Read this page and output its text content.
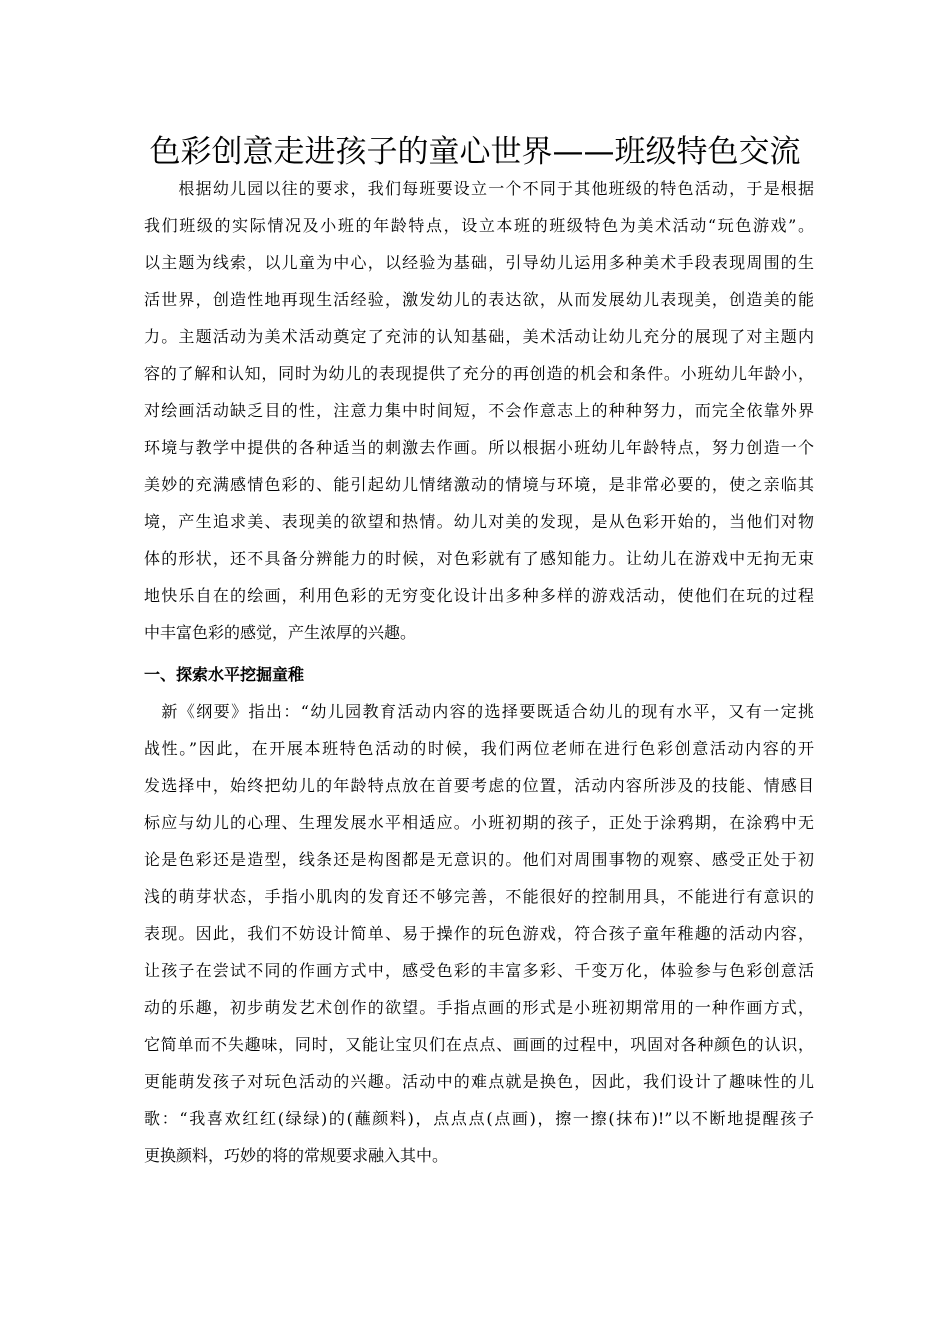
色彩创意走进孩子的童心世界——班级特色交流
　　根据幼儿园以往的要求，我们每班要设立一个不同于其他班级的特色活动，于是根据
我们班级的实际情况及小班的年龄特点，设立本班的班级特色为美术活动“玩色游戏”。
以主题为线索，以儿童为中心，以经验为基础，引导幼儿运用多种美术手段表现周围的生
活世界，创造性地再现生活经验，激发幼儿的表达欲，从而发展幼儿表现美，创造美的能
力。主题活动为美术活动奠定了充沛的认知基础，美术活动让幼儿充分的展现了对主题内
容的了解和认知，同时为幼儿的表现提供了充分的再创造的机会和条件。小班幼儿年龄小，
对绘画活动缺乏目的性，注意力集中时间短，不会作意志上的种种努力，而完全依靠外界
环境与教学中提供的各种适当的刺激去作画。所以根据小班幼儿年龄特点，努力创造一个
美妙的充满感情色彩的、能引起幼儿情绪激动的情境与环境，是非常必要的，使之亲临其
境，产生追求美、表现美的欲望和热情。幼儿对美的发现，是从色彩开始的，当他们对物
体的形状，还不具备分辨能力的时候，对色彩就有了感知能力。让幼儿在游戏中无拘无束
地快乐自在的绘画，利用色彩的无穷变化设计出多种多样的游戏活动，使他们在玩的过程
中丰富色彩的感觉，产生浓厚的兴趣。
一、探索水平挖掘童稚
　新《纲要》指出：“幼儿园教育活动内容的选择要既适合幼儿的现有水平，又有一定挑
战性。”因此，在开展本班特色活动的时候，我们两位老师在进行色彩创意活动内容的开
发选择中，始终把幼儿的年龄特点放在首要考虑的位置，活动内容所涉及的技能、情感目
标应与幼儿的心理、生理发展水平相适应。小班初期的孩子，正处于涂鸦期，在涂鸦中无
论是色彩还是造型，线条还是构图都是无意识的。他们对周围事物的观察、感受正处于初
浅的萌芽状态，手指小肌肉的发育还不够完善，不能很好的控制用具，不能进行有意识的
表现。因此，我们不妨设计简单、易于操作的玩色游戏，符合孩子童年稚趣的活动内容，
让孩子在尝试不同的作画方式中，感受色彩的丰富多彩、千变万化，体验参与色彩创意活
动的乐趣，初步萌发艺术创作的欲望。手指点画的形式是小班初期常用的一种作画方式，
它简单而不失趣味，同时，又能让宝贝们在点点、画画的过程中，巩固对各种颜色的认识，
更能萌发孩子对玩色活动的兴趣。活动中的难点就是换色，因此，我们设计了趣味性的儿
歌：“我喜欢红红(绿绿)的(蘸颜料)，点点点(点画)，擦一擦(抹布)!”以不断地提醒孩子
更换颜料，巧妙的将的常规要求融入其中。
